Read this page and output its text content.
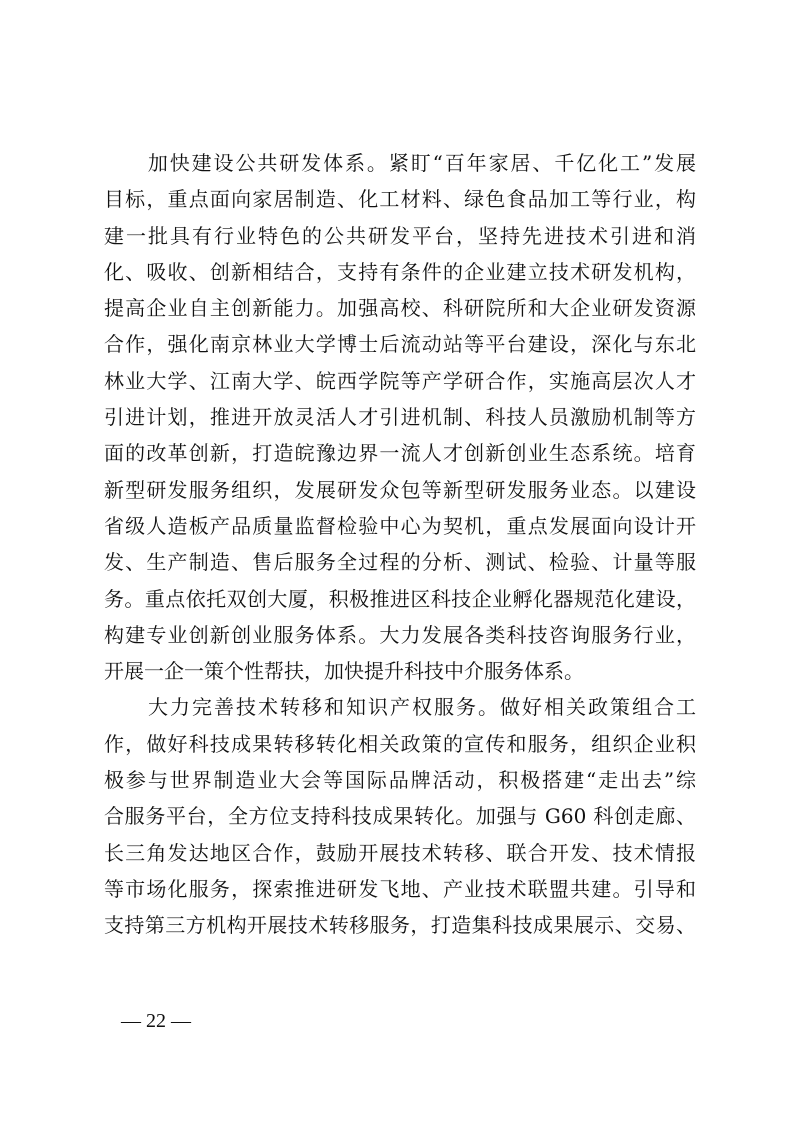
　　加快建设公共研发体系。紧盯“百年家居、千亿化工”发展
目标，重点面向家居制造、化工材料、绿色食品加工等行业，构
建一批具有行业特色的公共研发平台，坚持先进技术引进和消
化、吸收、创新相结合，支持有条件的企业建立技术研发机构，
提高企业自主创新能力。加强高校、科研院所和大企业研发资源
合作，强化南京林业大学博士后流动站等平台建设，深化与东北
林业大学、江南大学、皖西学院等产学研合作，实施高层次人才
引进计划，推进开放灵活人才引进机制、科技人员激励机制等方
面的改革创新，打造皖豫边界一流人才创新创业生态系统。培育
新型研发服务组织，发展研发众包等新型研发服务业态。以建设
省级人造板产品质量监督检验中心为契机，重点发展面向设计开
发、生产制造、售后服务全过程的分析、测试、检验、计量等服
务。重点依托双创大厦，积极推进区科技企业孵化器规范化建设，
构建专业创新创业服务体系。大力发展各类科技咨询服务行业，
开展一企一策个性帮扶，加快提升科技中介服务体系。
　　大力完善技术转移和知识产权服务。做好相关政策组合工
作，做好科技成果转移转化相关政策的宣传和服务，组织企业积
极参与世界制造业大会等国际品牌活动，积极搭建“走出去”综
合服务平台，全方位支持科技成果转化。加强与 G60 科创走廊、
长三角发达地区合作，鼓励开展技术转移、联合开发、技术情报
等市场化服务，探索推进研发飞地、产业技术联盟共建。引导和
支持第三方机构开展技术转移服务，打造集科技成果展示、交易、
— 22 —
